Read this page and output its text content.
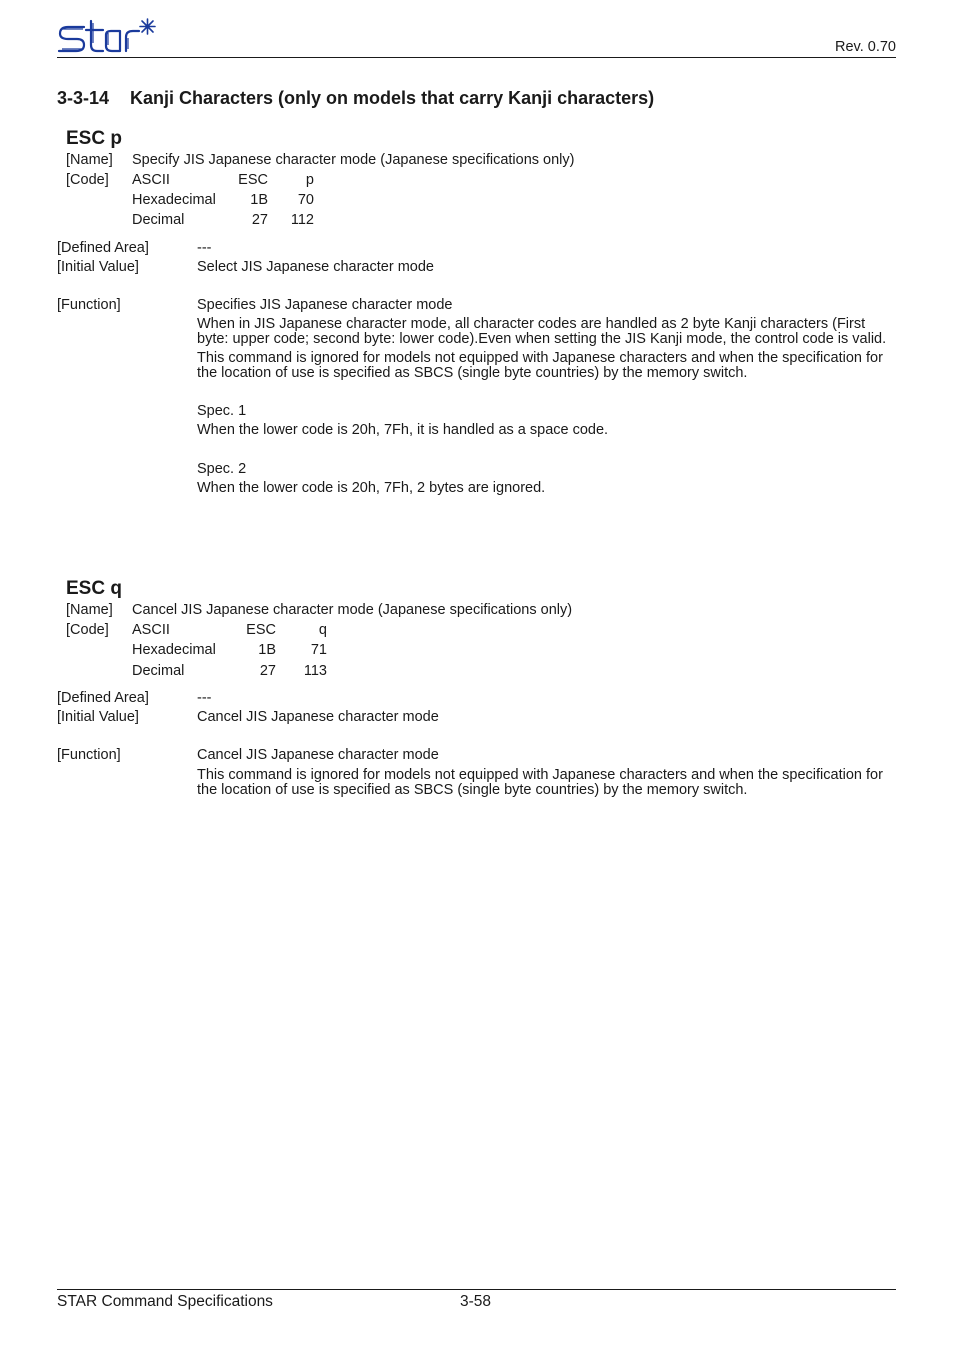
Rev. 0.70
3-3-14 Kanji Characters (only on models that carry Kanji characters)
ESC p
[Name] Specify JIS Japanese character mode (Japanese specifications only)
[Code] ASCII	ESC	p
Hexadecimal	1B	70
Decimal	27	112
[Defined Area]	---
[Initial Value]	Select JIS Japanese character mode
[Function]	Specifies JIS Japanese character mode
When in JIS Japanese character mode, all character codes are handled as 2 byte Kanji characters (First byte: upper code; second byte: lower code).Even when setting the JIS Kanji mode, the control code is valid.
This command is ignored for models not equipped with Japanese characters and when the specification for the location of use is specified as SBCS (single byte countries) by the memory switch.
Spec. 1
When the lower code is 20h, 7Fh, it is handled as a space code.
Spec. 2
When the lower code is 20h, 7Fh, 2 bytes are ignored.
ESC q
[Name] Cancel JIS Japanese character mode (Japanese specifications only)
[Code] ASCII	ESC	q
Hexadecimal	1B	71
Decimal	27	113
[Defined Area]	---
[Initial Value]	Cancel JIS Japanese character mode
[Function]	Cancel JIS Japanese character mode
This command is ignored for models not equipped with Japanese characters and when the specification for the location of use is specified as SBCS (single byte countries) by the memory switch.
STAR Command Specifications	3-58
